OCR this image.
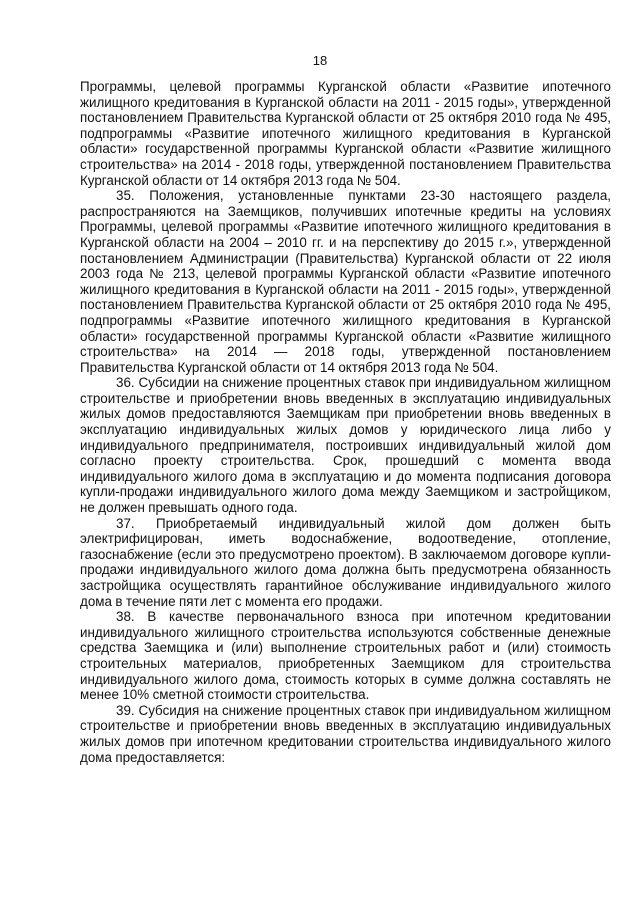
18

Программы, целевой программы Курганской области «Развитие ипотечного жилищного кредитования в Курганской области на 2011 - 2015 годы», утвержденной постановлением Правительства Курганской области от 25 октября 2010 года № 495, подпрограммы «Развитие ипотечного жилищного кредитования в Курганской области» государственной программы Курганской области «Развитие жилищного строительства» на 2014 - 2018 годы, утвержденной постановлением Правительства Курганской области от 14 октября 2013 года № 504.

35. Положения, установленные пунктами 23-30 настоящего раздела, распространяются на Заемщиков, получивших ипотечные кредиты на условиях Программы, целевой программы «Развитие ипотечного жилищного кредитования в Курганской области на 2004 – 2010 гг. и на перспективу до 2015 г.», утвержденной постановлением Администрации (Правительства) Курганской области от 22 июля 2003 года № 213, целевой программы Курганской области «Развитие ипотечного жилищного кредитования в Курганской области на 2011 - 2015 годы», утвержденной постановлением Правительства Курганской области от 25 октября 2010 года № 495, подпрограммы «Развитие ипотечного жилищного кредитования в Курганской области» государственной программы Курганской области «Развитие жилищного строительства» на 2014 — 2018 годы, утвержденной постановлением Правительства Курганской области от 14 октября 2013 года № 504.

36. Субсидии на снижение процентных ставок при индивидуальном жилищном строительстве и приобретении вновь введенных в эксплуатацию индивидуальных жилых домов предоставляются Заемщикам при приобретении вновь введенных в эксплуатацию индивидуальных жилых домов у юридического лица либо у индивидуального предпринимателя, построивших индивидуальный жилой дом согласно проекту строительства. Срок, прошедший с момента ввода индивидуального жилого дома в эксплуатацию и до момента подписания договора купли-продажи индивидуального жилого дома между Заемщиком и застройщиком, не должен превышать одного года.

37. Приобретаемый индивидуальный жилой дом должен быть электрифицирован, иметь водоснабжение, водоотведение, отопление, газоснабжение (если это предусмотрено проектом). В заключаемом договоре купли-продажи индивидуального жилого дома должна быть предусмотрена обязанность застройщика осуществлять гарантийное обслуживание индивидуального жилого дома в течение пяти лет с момента его продажи.

38. В качестве первоначального взноса при ипотечном кредитовании индивидуального жилищного строительства используются собственные денежные средства Заемщика и (или) выполнение строительных работ и (или) стоимость строительных материалов, приобретенных Заемщиком для строительства индивидуального жилого дома, стоимость которых в сумме должна составлять не менее 10% сметной стоимости строительства.

39. Субсидия на снижение процентных ставок при индивидуальном жилищном строительстве и приобретении вновь введенных в эксплуатацию индивидуальных жилых домов при ипотечном кредитовании строительства индивидуального жилого дома предоставляется:
